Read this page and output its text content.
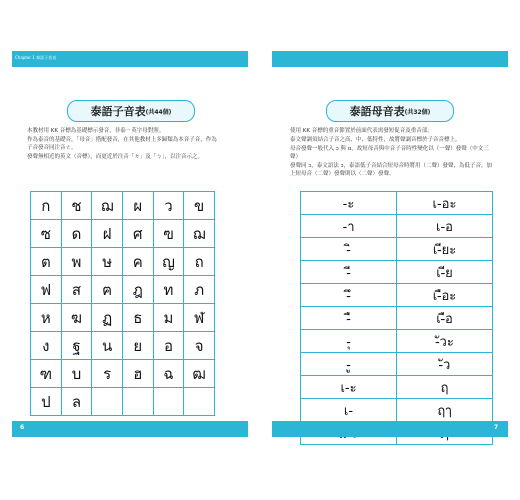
Chapter 1 泰語子音表
泰語子音表 (共44個)
本教材用 KK 音標為基礎標示發音，非泰－英字母對照。
作為泰音的基礎音，「母音」搭配發音，在其他教材上多歸類為本音子音，作為子音發音同注音ㄜ。
發聲無相近的英文（音標），而更近於注音「ㄉ」及「ㄅ」，以注音示之。
ก	ช	ฌ	ผ	ว	ข
ซ	ด	ฝ	ศ	ฃ	ฌ
ต	พ	ษ	ค	ญ	ถ
ฟ	ส	ฅ	ฎ	ท	ภ
ห	ฆ	ฏ	ธ	ม	ฬ
ง	ฐ	น	ย	อ	จ
ฑ	บ	ร	ฮ	ฉ	ฒ
ป	ล
泰語母音表 (共32個)
使用 KK 音標的重音節置於前面代表需發短促音及重音部。
泰文聲調須結合子音之高、中、低特性，故將聲調音標於子音音標上。
母音發聲一般代入 ɔ 與 ɑ，故短母音與中音子音時性變化以（一聲）發聲（中文三聲）
發聲同 ɔ，泰文語法 ɔ，泰語低子音結合短母音時將用（二聲）發聲，為低子音，加上短母音（二聲）發聲則以（二聲）發聲。
-ะ	เ-อะ
-า	เ-อ
-ิ	เ-ียะ
-ี	เ-ีย
-ึ	เ-ือะ
-ื	เ-ือ
-ุ	-ัวะ
-ู	-ัว
เ-ะ	ฤ
เ-	ฤๅ
6	7
